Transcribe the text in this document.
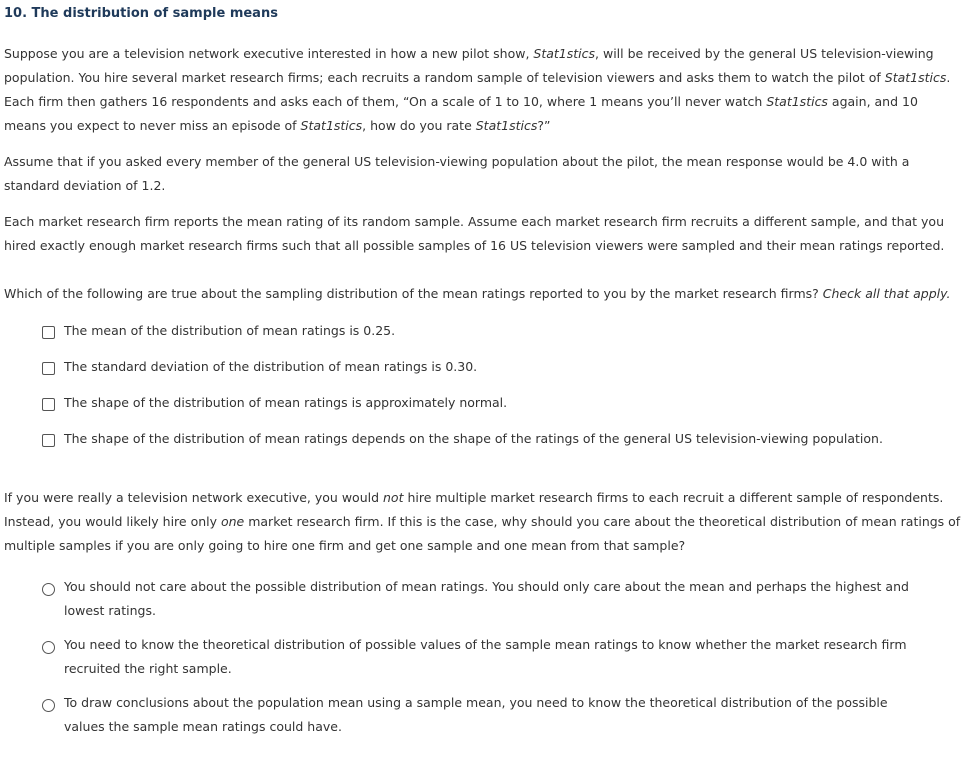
10. The distribution of sample means

Suppose you are a television network executive interested in how a new pilot show, Stat1stics, will be received by the general US television-viewing population. You hire several market research firms; each recruits a random sample of television viewers and asks them to watch the pilot of Stat1stics. Each firm then gathers 16 respondents and asks each of them, “On a scale of 1 to 10, where 1 means you’ll never watch Stat1stics again, and 10 means you expect to never miss an episode of Stat1stics, how do you rate Stat1stics?”

Assume that if you asked every member of the general US television-viewing population about the pilot, the mean response would be 4.0 with a standard deviation of 1.2.

Each market research firm reports the mean rating of its random sample. Assume each market research firm recruits a different sample, and that you hired exactly enough market research firms such that all possible samples of 16 US television viewers were sampled and their mean ratings reported.

Which of the following are true about the sampling distribution of the mean ratings reported to you by the market research firms? Check all that apply.

The mean of the distribution of mean ratings is 0.25.
The standard deviation of the distribution of mean ratings is 0.30.
The shape of the distribution of mean ratings is approximately normal.
The shape of the distribution of mean ratings depends on the shape of the ratings of the general US television-viewing population.

If you were really a television network executive, you would not hire multiple market research firms to each recruit a different sample of respondents. Instead, you would likely hire only one market research firm. If this is the case, why should you care about the theoretical distribution of mean ratings of multiple samples if you are only going to hire one firm and get one sample and one mean from that sample?

You should not care about the possible distribution of mean ratings. You should only care about the mean and perhaps the highest and lowest ratings.
You need to know the theoretical distribution of possible values of the sample mean ratings to know whether the market research firm recruited the right sample.
To draw conclusions about the population mean using a sample mean, you need to know the theoretical distribution of the possible values the sample mean ratings could have.
